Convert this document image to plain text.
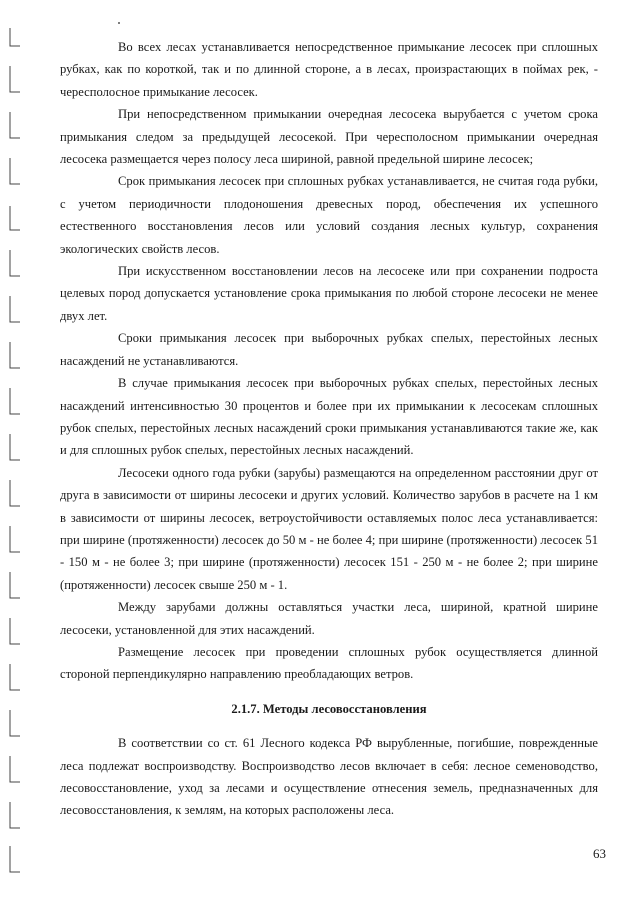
Во всех лесах устанавливается непосредственное примыкание лесосек при сплошных рубках, как по короткой, так и по длинной стороне, а в лесах, произрастающих в поймах рек, - чересполосное примыкание лесосек.

При непосредственном примыкании очередная лесосека вырубается с учетом срока примыкания следом за предыдущей лесосекой. При чересполосном примыкании очередная лесосека размещается через полосу леса шириной, равной предельной ширине лесосек;

Срок примыкания лесосек при сплошных рубках устанавливается, не считая года рубки, с учетом периодичности плодоношения древесных пород, обеспечения их успешного естественного восстановления лесов или условий создания лесных культур, сохранения экологических свойств лесов.

При искусственном восстановлении лесов на лесосеке или при сохранении подроста целевых пород допускается установление срока примыкания по любой стороне лесосеки не менее двух лет.

Сроки примыкания лесосек при выборочных рубках спелых, перестойных лесных насаждений не устанавливаются.

В случае примыкания лесосек при выборочных рубках спелых, перестойных лесных насаждений интенсивностью 30 процентов и более при их примыкании к лесосекам сплошных рубок спелых, перестойных лесных насаждений сроки примыкания устанавливаются такие же, как и для сплошных рубок спелых, перестойных лесных насаждений.

Лесосеки одного года рубки (зарубы) размещаются на определенном расстоянии друг от друга в зависимости от ширины лесосеки и других условий. Количество зарубов в расчете на 1 км в зависимости от ширины лесосек, ветроустойчивости оставляемых полос леса устанавливается: при ширине (протяженности) лесосек до 50 м - не более 4; при ширине (протяженности) лесосек 51 - 150 м - не более 3; при ширине (протяженности) лесосек 151 - 250 м - не более 2; при ширине (протяженности) лесосек свыше 250 м - 1.

Между зарубами должны оставляться участки леса, шириной, кратной ширине лесосеки, установленной для этих насаждений.

Размещение лесосек при проведении сплошных рубок осуществляется длинной стороной перпендикулярно направлению преобладающих ветров.

2.1.7. Методы лесовосстановления

В соответствии со ст. 61 Лесного кодекса РФ вырубленные, погибшие, поврежденные леса подлежат воспроизводству. Воспроизводство лесов включает в себя: лесное семеноводство, лесовосстановление, уход за лесами и осуществление отнесения земель, предназначенных для лесовосстановления, к землям, на которых расположены леса.

63
